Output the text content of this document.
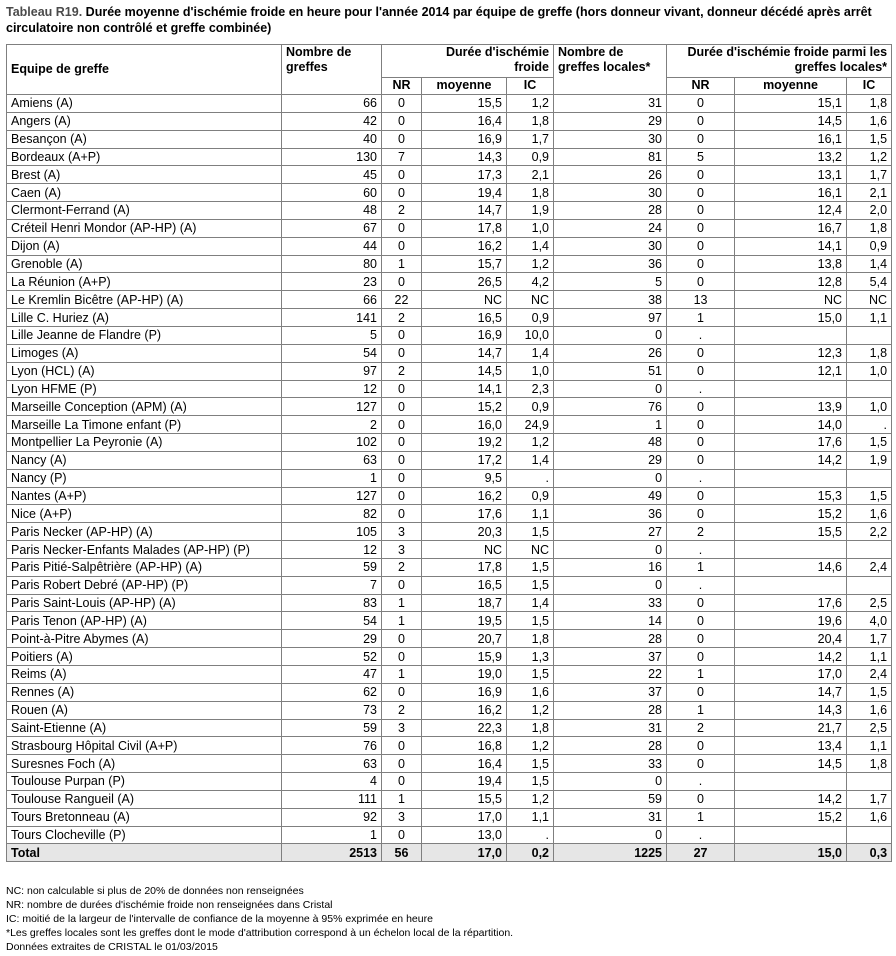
Tableau R19. Durée moyenne d'ischémie froide en heure pour l'année 2014 par équipe de greffe (hors donneur vivant, donneur décédé après arrêt circulatoire non contrôlé et greffe combinée)
Equipe de greffe	Nombre de greffes	Durée d'ischémie froide			Nombre de greffes locales*	Durée d'ischémie froide parmi les greffes locales*		
		NR	moyenne	IC		NR	moyenne	IC
Amiens (A)	66	0	15,5	1,2	31	0	15,1	1,8
Angers (A)	42	0	16,4	1,8	29	0	14,5	1,6
Besançon (A)	40	0	16,9	1,7	30	0	16,1	1,5
Bordeaux (A+P)	130	7	14,3	0,9	81	5	13,2	1,2
Brest (A)	45	0	17,3	2,1	26	0	13,1	1,7
Caen (A)	60	0	19,4	1,8	30	0	16,1	2,1
Clermont-Ferrand (A)	48	2	14,7	1,9	28	0	12,4	2,0
Créteil Henri Mondor (AP-HP) (A)	67	0	17,8	1,0	24	0	16,7	1,8
Dijon (A)	44	0	16,2	1,4	30	0	14,1	0,9
Grenoble (A)	80	1	15,7	1,2	36	0	13,8	1,4
La Réunion (A+P)	23	0	26,5	4,2	5	0	12,8	5,4
Le Kremlin Bicêtre (AP-HP) (A)	66	22	NC	NC	38	13	NC	NC
Lille C. Huriez (A)	141	2	16,5	0,9	97	1	15,0	1,1
Lille Jeanne de Flandre (P)	5	0	16,9	10,0	0	.		
Limoges (A)	54	0	14,7	1,4	26	0	12,3	1,8
Lyon (HCL) (A)	97	2	14,5	1,0	51	0	12,1	1,0
Lyon HFME (P)	12	0	14,1	2,3	0	.		
Marseille Conception (APM) (A)	127	0	15,2	0,9	76	0	13,9	1,0
Marseille La Timone enfant (P)	2	0	16,0	24,9	1	0	14,0	.
Montpellier La Peyronie (A)	102	0	19,2	1,2	48	0	17,6	1,5
Nancy (A)	63	0	17,2	1,4	29	0	14,2	1,9
Nancy (P)	1	0	9,5	.	0	.		
Nantes (A+P)	127	0	16,2	0,9	49	0	15,3	1,5
Nice (A+P)	82	0	17,6	1,1	36	0	15,2	1,6
Paris Necker (AP-HP) (A)	105	3	20,3	1,5	27	2	15,5	2,2
Paris Necker-Enfants Malades (AP-HP) (P)	12	3	NC	NC	0	.		
Paris Pitié-Salpêtrière (AP-HP) (A)	59	2	17,8	1,5	16	1	14,6	2,4
Paris Robert Debré (AP-HP) (P)	7	0	16,5	1,5	0	.		
Paris Saint-Louis (AP-HP) (A)	83	1	18,7	1,4	33	0	17,6	2,5
Paris Tenon (AP-HP) (A)	54	1	19,5	1,5	14	0	19,6	4,0
Point-à-Pitre Abymes (A)	29	0	20,7	1,8	28	0	20,4	1,7
Poitiers (A)	52	0	15,9	1,3	37	0	14,2	1,1
Reims (A)	47	1	19,0	1,5	22	1	17,0	2,4
Rennes (A)	62	0	16,9	1,6	37	0	14,7	1,5
Rouen (A)	73	2	16,2	1,2	28	1	14,3	1,6
Saint-Etienne (A)	59	3	22,3	1,8	31	2	21,7	2,5
Strasbourg Hôpital Civil (A+P)	76	0	16,8	1,2	28	0	13,4	1,1
Suresnes Foch (A)	63	0	16,4	1,5	33	0	14,5	1,8
Toulouse Purpan (P)	4	0	19,4	1,5	0	.		
Toulouse Rangueil (A)	111	1	15,5	1,2	59	0	14,2	1,7
Tours Bretonneau (A)	92	3	17,0	1,1	31	1	15,2	1,6
Tours Clocheville (P)	1	0	13,0	.	0	.		
Total	2513	56	17,0	0,2	1225	27	15,0	0,3
NC: non calculable si plus de 20% de données non renseignées
NR: nombre de durées d'ischémie froide non renseignées dans Cristal
IC: moitié de la largeur de l'intervalle de confiance de la moyenne à 95% exprimée en heure
*Les greffes locales sont les greffes dont le mode d'attribution correspond à un échelon local de la répartition.
Données extraites de CRISTAL le 01/03/2015
